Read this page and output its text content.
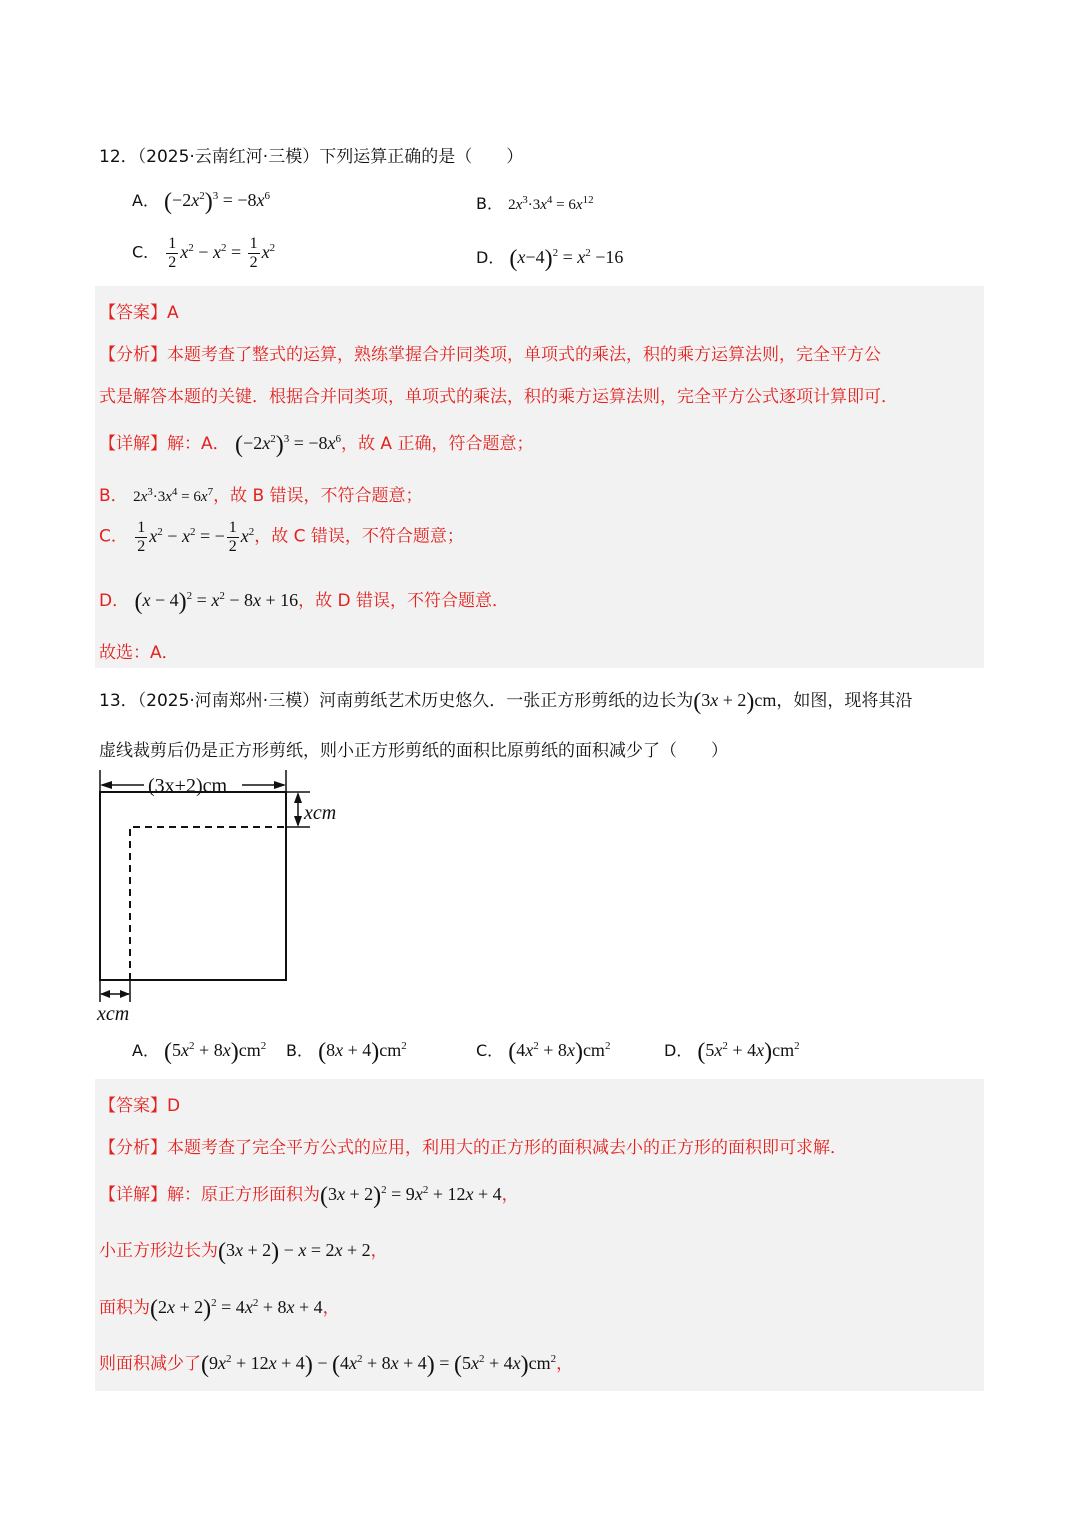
12．（2025·云南红河·三模）下列运算正确的是（　　）
A． $(-2x^2)^3 = -8x^6$	B． $2x^3\cdot 3x^4 = 6x^{12}$
C． $\frac{1}{2} x^2 - x^2 = \frac{1}{2} x^2$
D． $(x-4)^2 = x^2 -16$
【答案】A
【分析】本题考查了整式的运算，熟练掌握合并同类项，单项式的乘法，积的乘方运算法则，完全平方公
式是解答本题的关键．根据合并同类项，单项式的乘法，积的乘方运算法则，完全平方公式逐项计算即可．
【详解】解：A． $(-2x^2)^3 = -8x^6$，故 A 正确，符合题意；
B． $2x^3\cdot 3x^4 = 6x^7$，故 B 错误，不符合题意；
C． $\frac{1}{2} x^2 - x^2$ = − $\frac{1}{2} x^2$，故 C 错误，不符合题意；
D． $(x - 4)^2 = x^2 - 8x + 16$，故 D 错误，不符合题意．
故选：A．
13．（2025·河南郑州·三模）河南剪纸艺术历史悠久．一张正方形剪纸的边长为(3x + 2)cm，如图，现将其沿
虚线裁剪后仍是正方形剪纸，则小正方形剪纸的面积比原剪纸的面积减少了（　　）
(3x+2)cm
xcm
xcm
A． $(5x^2 + 8x)cm^2$ B． $(8x + 4)cm^2$	C． $(4x^2 + 8x)cm^2$	D． $(5x^2 + 4x)cm^2$
【答案】D
【分析】本题考查了完全平方公式的应用，利用大的正方形的面积减去小的正方形的面积即可求解．
【详解】解：原正方形面积为$(3x + 2)^2 = 9x^2 + 12x + 4$，
小正方形边长为(3x + 2) − x = 2x + 2，
面积为$(2x + 2)^2 = 4x^2 + 8x + 4$，
则面积减少了$(9x^2 + 12x + 4) - (4x^2 + 8x + 4) = (5x^2 + 4x)cm^2$，
